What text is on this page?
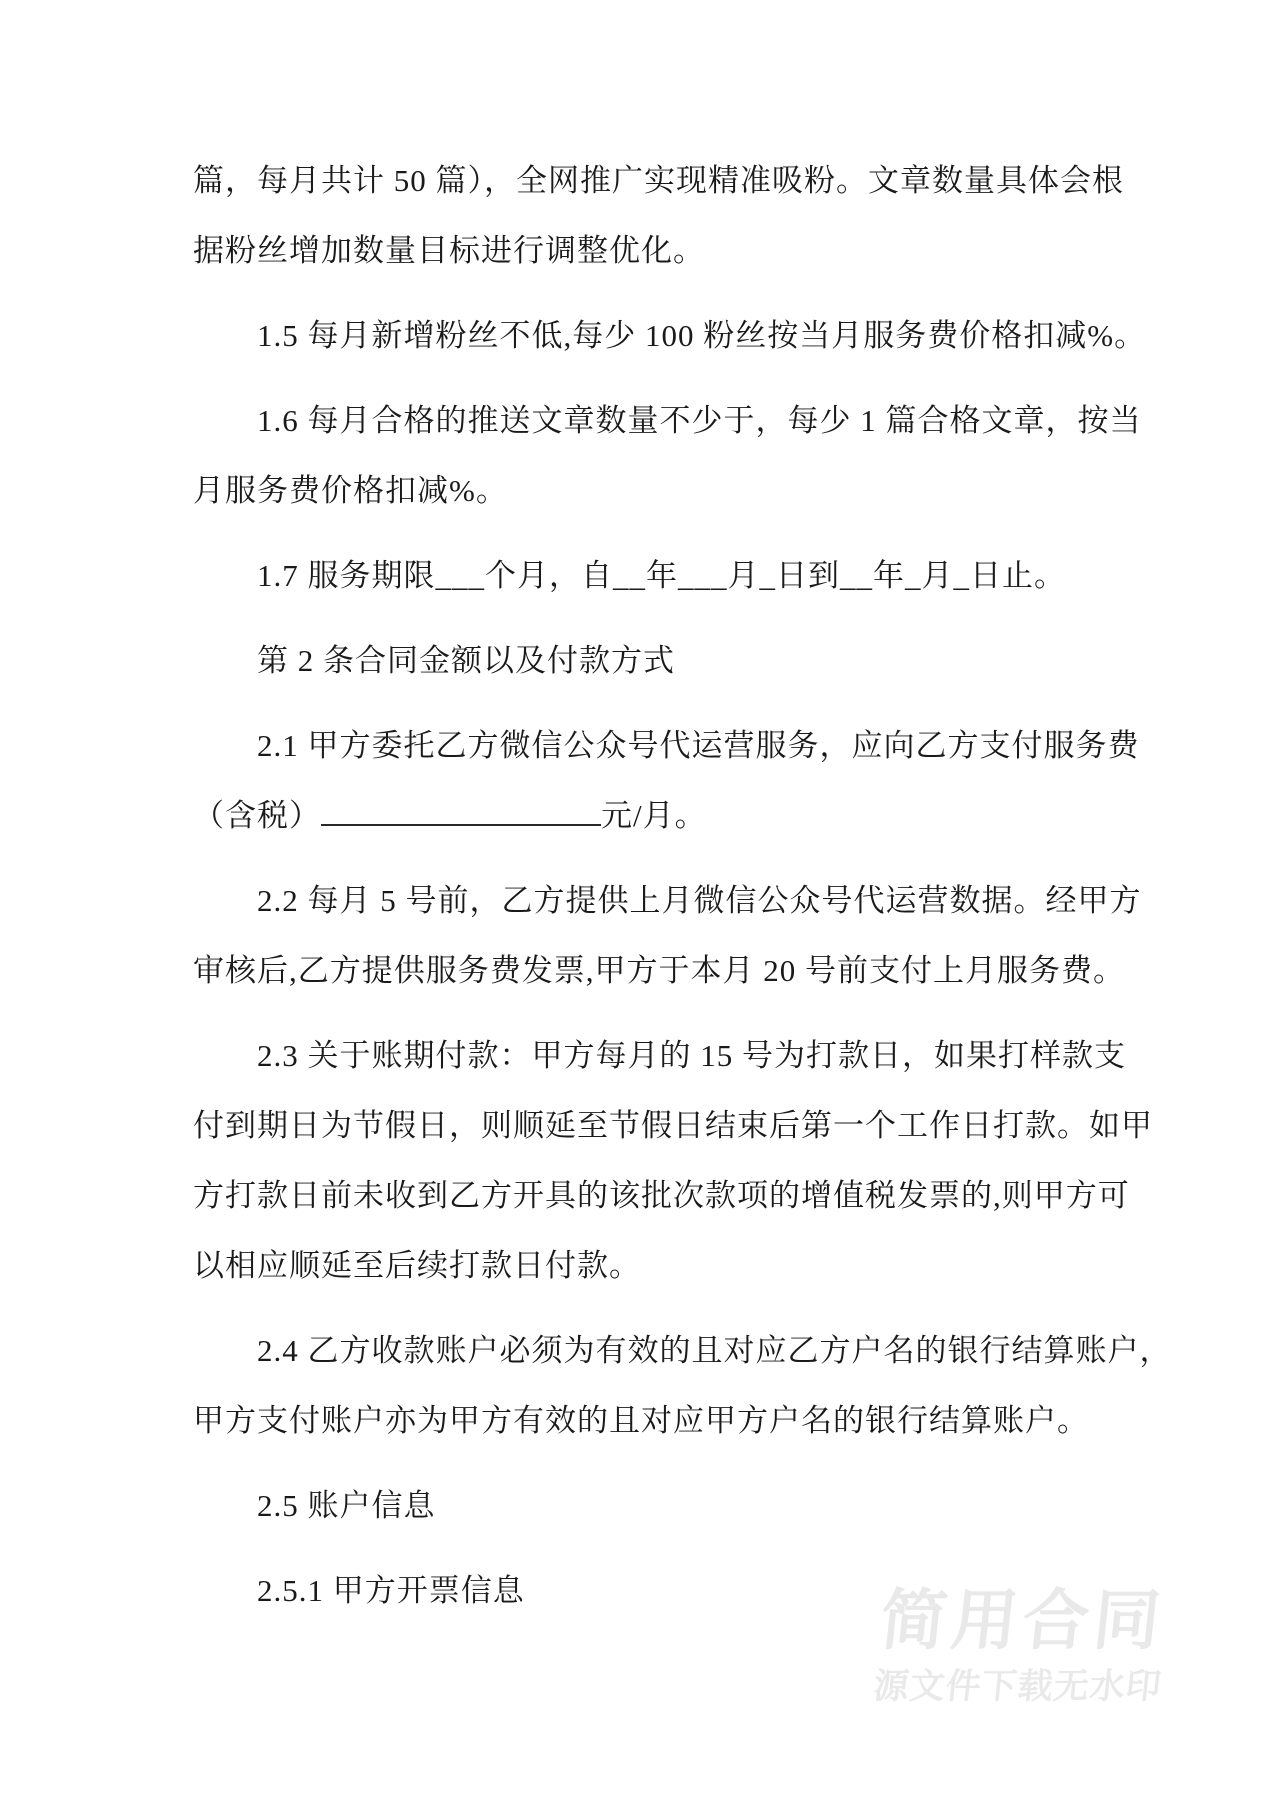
篇，每月共计 50 篇），全网推广实现精准吸粉。文章数量具体会根
据粉丝增加数量目标进行调整优化。
1.5 每月新增粉丝不低,每少 100 粉丝按当月服务费价格扣减%。
1.6 每月合格的推送文章数量不少于，每少 1 篇合格文章，按当
月服务费价格扣减%。
1.7 服务期限___个月，自__年___月_日到__年_月_日止。
第 2 条合同金额以及付款方式
2.1 甲方委托乙方微信公众号代运营服务，应向乙方支付服务费
（含税）	元/月。
2.2 每月 5 号前，乙方提供上月微信公众号代运营数据。经甲方
审核后,乙方提供服务费发票,甲方于本月 20 号前支付上月服务费。
2.3 关于账期付款：甲方每月的 15 号为打款日，如果打样款支
付到期日为节假日，则顺延至节假日结束后第一个工作日打款。如甲
方打款日前未收到乙方开具的该批次款项的增值税发票的,则甲方可
以相应顺延至后续打款日付款。
2.4 乙方收款账户必须为有效的且对应乙方户名的银行结算账户，
甲方支付账户亦为甲方有效的且对应甲方户名的银行结算账户。
2.5 账户信息
2.5.1 甲方开票信息	简用合同
源文件下载无水印
